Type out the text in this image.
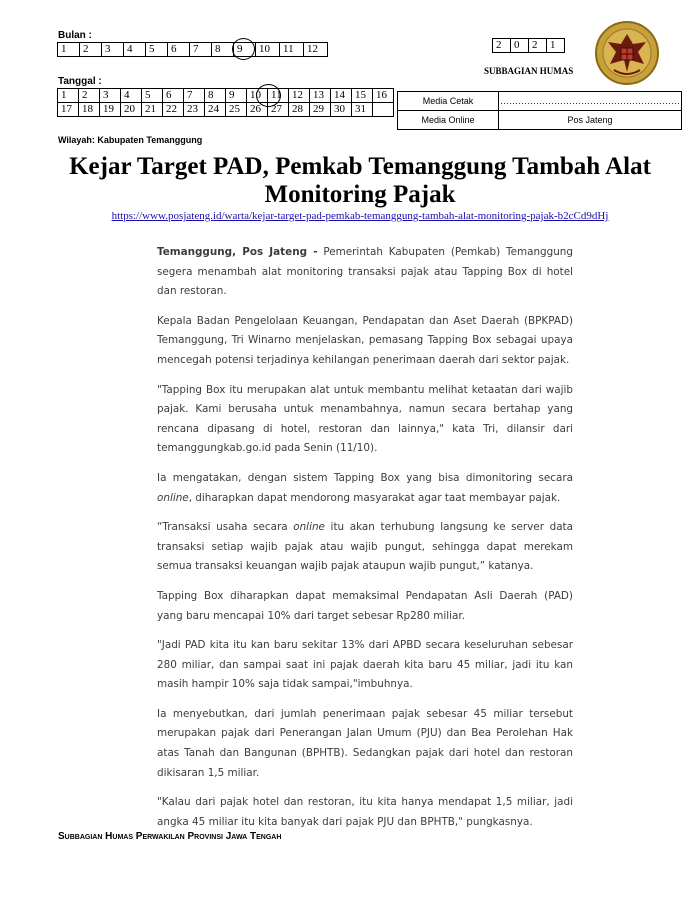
Bulan :
1	2	3	4	5	6	7	8	9	10	11	12	2	0	2	1
SUBBAGIAN HUMAS
Tanggal :
1	2	3	4	5	6	7	8	9	10	11	12	13	14	15	16
17	18	19	20	21	22	23	24	25	26	27	28	29	30	31	
Media Cetak	……………………………………………………
Media Online	Pos Jateng
Wilayah: Kabupaten Temanggung
Kejar Target PAD, Pemkab Temanggung Tambah Alat
Monitoring Pajak
https://www.posjateng.id/warta/kejar-target-pad-pemkab-temanggung-tambah-alat-monitoring-pajak-b2cCd9dHj

Temanggung, Pos Jateng - Pemerintah Kabupaten (Pemkab) Temanggung segera menambah alat monitoring transaksi pajak atau Tapping Box di hotel dan restoran.

Kepala Badan Pengelolaan Keuangan, Pendapatan dan Aset Daerah (BPKPAD) Temanggung, Tri Winarno menjelaskan, pemasang Tapping Box sebagai upaya mencegah potensi terjadinya kehilangan penerimaan daerah dari sektor pajak.

"Tapping Box itu merupakan alat untuk membantu melihat ketaatan dari wajib pajak. Kami berusaha untuk menambahnya, namun secara bertahap yang rencana dipasang di hotel, restoran dan lainnya," kata Tri, dilansir dari temanggungkab.go.id pada Senin (11/10).

Ia mengatakan, dengan sistem Tapping Box yang bisa dimonitoring secara online, diharapkan dapat mendorong masyarakat agar taat membayar pajak.

“Transaksi usaha secara online itu akan terhubung langsung ke server data transaksi setiap wajib pajak atau wajib pungut, sehingga dapat merekam semua transaksi keuangan wajib pajak ataupun wajib pungut,” katanya.

Tapping Box diharapkan dapat memaksimal Pendapatan Asli Daerah (PAD) yang baru mencapai 10% dari target sebesar Rp280 miliar.

"Jadi PAD kita itu kan baru sekitar 13% dari APBD secara keseluruhan sebesar 280 miliar, dan sampai saat ini pajak daerah kita baru 45 miliar, jadi itu kan masih hampir 10% saja tidak sampai,"imbuhnya.

Ia menyebutkan, dari jumlah penerimaan pajak sebesar 45 miliar tersebut merupakan pajak dari Penerangan Jalan Umum (PJU) dan Bea Perolehan Hak atas Tanah dan Bangunan (BPHTB). Sedangkan pajak dari hotel dan restoran dikisaran 1,5 miliar.

"Kalau dari pajak hotel dan restoran, itu kita hanya mendapat 1,5 miliar, jadi angka 45 miliar itu kita banyak dari pajak PJU dan BPHTB," pungkasnya.

Subbagian Humas Perwakilan Provinsi Jawa Tengah
